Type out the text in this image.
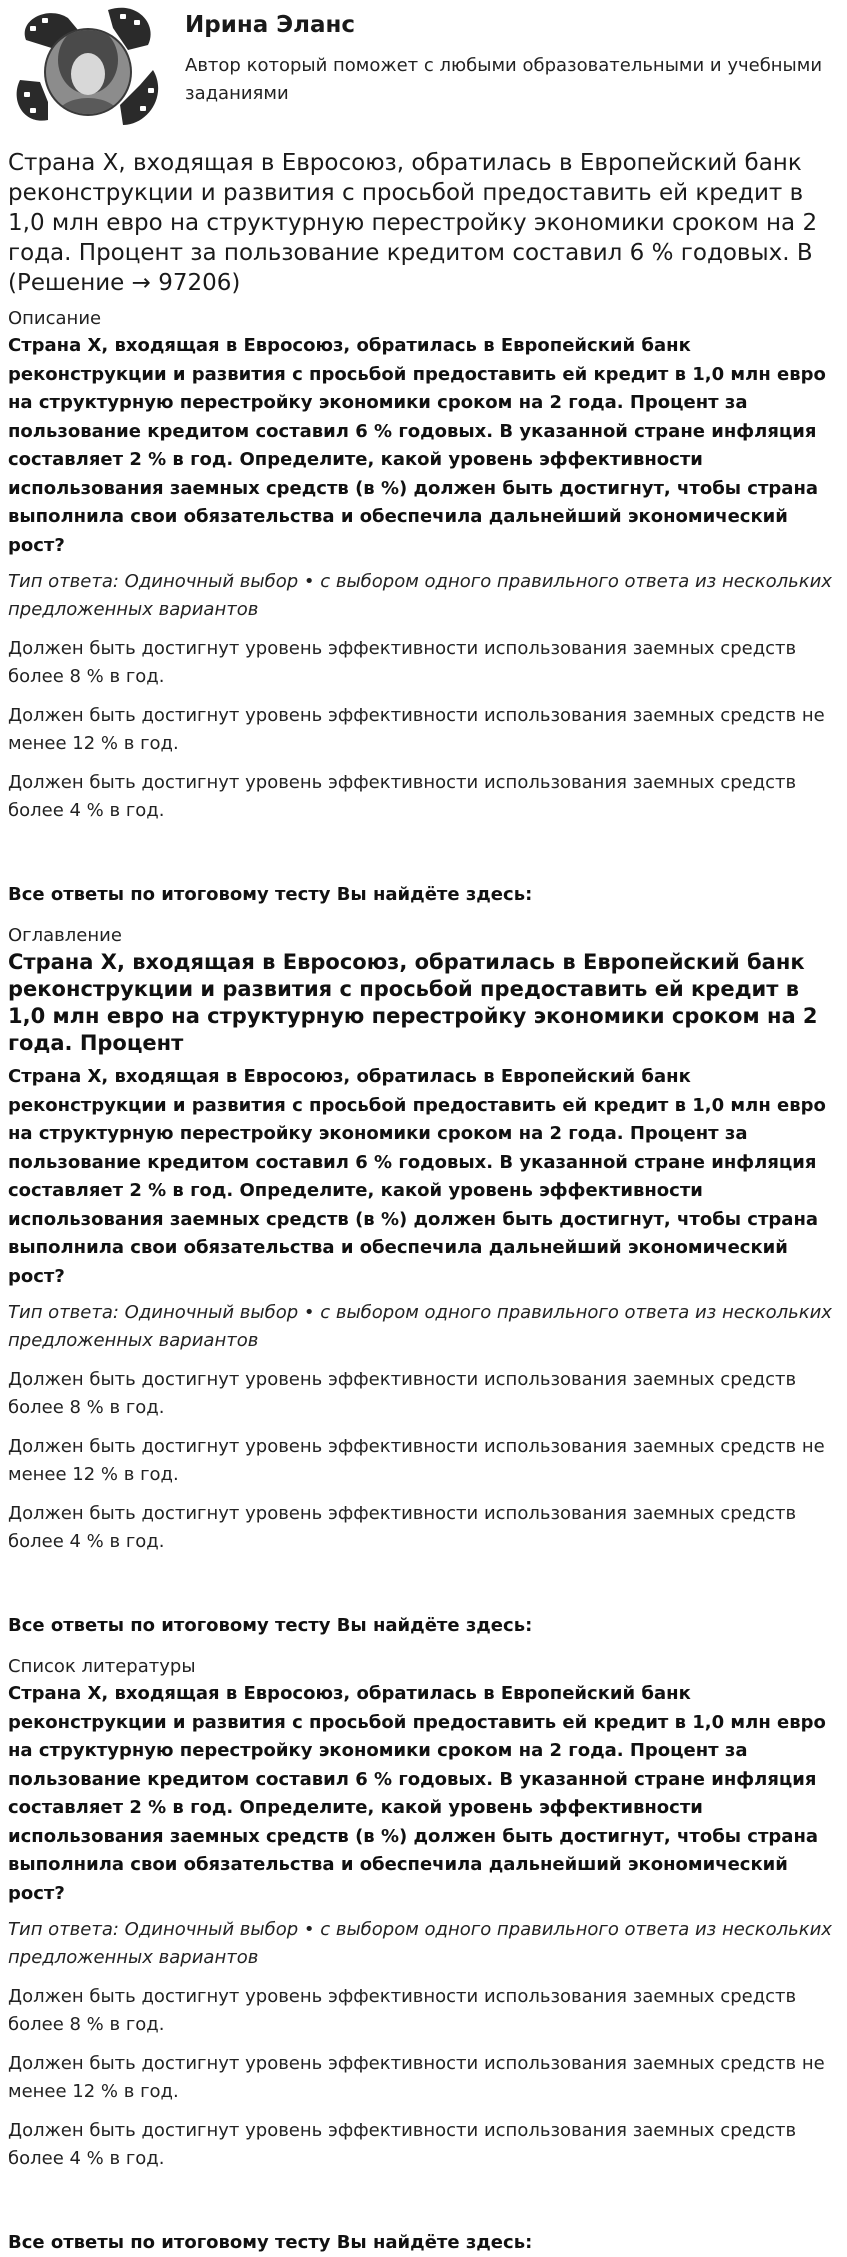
Ирина Эланс
Автор который поможет с любыми образовательными и учебными заданиями
Страна X, входящая в Евросоюз, обратилась в Европейский банк реконструкции и развития с просьбой предоставить ей кредит в 1,0 млн евро на структурную перестройку экономики сроком на 2 года. Процент за пользование кредитом составил 6 % годовых. В (Решение → 97206)
Описание
Страна X, входящая в Евросоюз, обратилась в Европейский банк реконструкции и развития с просьбой предоставить ей кредит в 1,0 млн евро на структурную перестройку экономики сроком на 2 года. Процент за пользование кредитом составил 6 % годовых. В указанной стране инфляция составляет 2 % в год. Определите, какой уровень эффективности использования заемных средств (в %) должен быть достигнут, чтобы страна выполнила свои обязательства и обеспечила дальнейший экономический рост?
Тип ответа: Одиночный выбор • с выбором одного правильного ответа из нескольких предложенных вариантов
Должен быть достигнут уровень эффективности использования заемных средств более 8 % в год.
Должен быть достигнут уровень эффективности использования заемных средств не менее 12 % в год.
Должен быть достигнут уровень эффективности использования заемных средств более 4 % в год.
Все ответы по итоговому тесту Вы найдёте здесь:
Оглавление
Страна X, входящая в Евросоюз, обратилась в Европейский банк реконструкции и развития с просьбой предоставить ей кредит в 1,0 млн евро на структурную перестройку экономики сроком на 2 года. Процент
Страна X, входящая в Евросоюз, обратилась в Европейский банк реконструкции и развития с просьбой предоставить ей кредит в 1,0 млн евро на структурную перестройку экономики сроком на 2 года. Процент за пользование кредитом составил 6 % годовых. В указанной стране инфляция составляет 2 % в год. Определите, какой уровень эффективности использования заемных средств (в %) должен быть достигнут, чтобы страна выполнила свои обязательства и обеспечила дальнейший экономический рост?
Тип ответа: Одиночный выбор • с выбором одного правильного ответа из нескольких предложенных вариантов
Должен быть достигнут уровень эффективности использования заемных средств более 8 % в год.
Должен быть достигнут уровень эффективности использования заемных средств не менее 12 % в год.
Должен быть достигнут уровень эффективности использования заемных средств более 4 % в год.
Все ответы по итоговому тесту Вы найдёте здесь:
Список литературы
Страна X, входящая в Евросоюз, обратилась в Европейский банк реконструкции и развития с просьбой предоставить ей кредит в 1,0 млн евро на структурную перестройку экономики сроком на 2 года. Процент за пользование кредитом составил 6 % годовых. В указанной стране инфляция составляет 2 % в год. Определите, какой уровень эффективности использования заемных средств (в %) должен быть достигнут, чтобы страна выполнила свои обязательства и обеспечила дальнейший экономический рост?
Тип ответа: Одиночный выбор • с выбором одного правильного ответа из нескольких предложенных вариантов
Должен быть достигнут уровень эффективности использования заемных средств более 8 % в год.
Должен быть достигнут уровень эффективности использования заемных средств не менее 12 % в год.
Должен быть достигнут уровень эффективности использования заемных средств более 4 % в год.
Все ответы по итоговому тесту Вы найдёте здесь:
